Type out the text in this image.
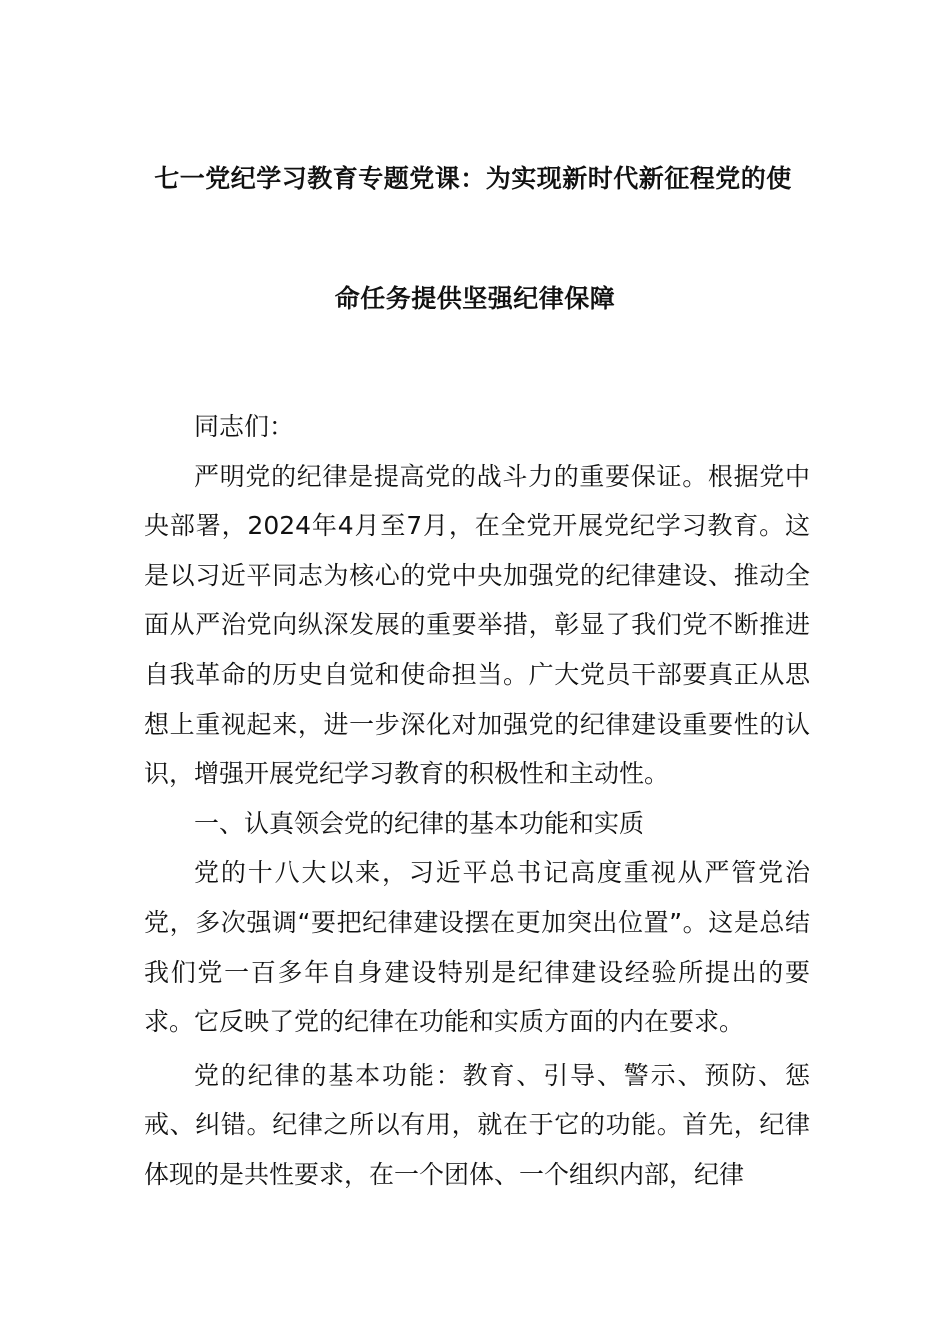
七一党纪学习教育专题党课：为实现新时代新征程党的使
命任务提供坚强纪律保障

同志们：

严明党的纪律是提高党的战斗力的重要保证。根据党中央部署，2024年4月至7月，在全党开展党纪学习教育。这是以习近平同志为核心的党中央加强党的纪律建设、推动全面从严治党向纵深发展的重要举措，彰显了我们党不断推进自我革命的历史自觉和使命担当。广大党员干部要真正从思想上重视起来，进一步深化对加强党的纪律建设重要性的认识，增强开展党纪学习教育的积极性和主动性。

一、认真领会党的纪律的基本功能和实质

党的十八大以来，习近平总书记高度重视从严管党治党，多次强调“要把纪律建设摆在更加突出位置”。这是总结我们党一百多年自身建设特别是纪律建设经验所提出的要求。它反映了党的纪律在功能和实质方面的内在要求。

党的纪律的基本功能：教育、引导、警示、预防、惩戒、纠错。纪律之所以有用，就在于它的功能。首先，纪律体现的是共性要求，在一个团体、一个组织内部，纪律
